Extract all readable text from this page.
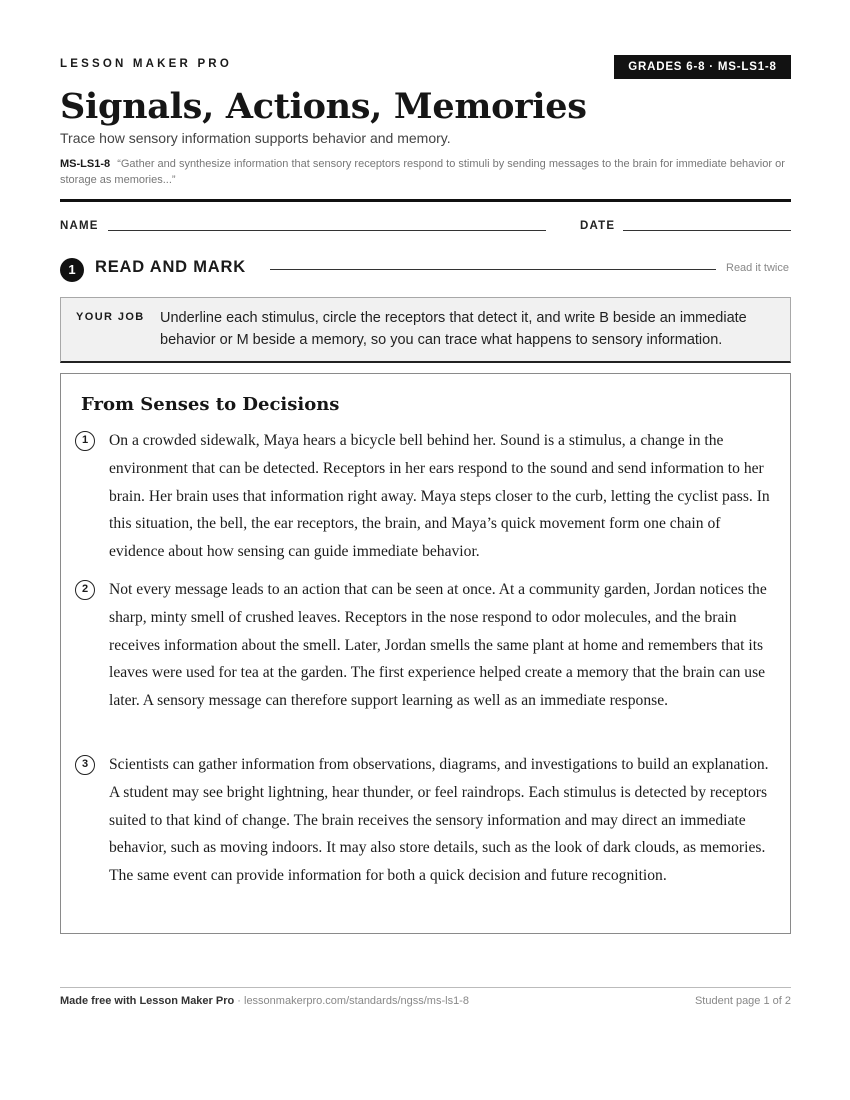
LESSON MAKER PRO	GRADES 6-8 · MS-LS1-8
Signals, Actions, Memories
Trace how sensory information supports behavior and memory.
MS-LS1-8 “Gather and synthesize information that sensory receptors respond to stimuli by sending messages to the brain for immediate behavior or storage as memories...”
NAME	DATE
1	READ AND MARK	Read it twice
YOUR JOB Underline each stimulus, circle the receptors that detect it, and write B beside an immediate behavior or M beside a memory, so you can trace what happens to sensory information.
From Senses to Decisions
1	On a crowded sidewalk, Maya hears a bicycle bell behind her. Sound is a stimulus, a change in the environment that can be detected. Receptors in her ears respond to the sound and send information to her brain. Her brain uses that information right away. Maya steps closer to the curb, letting the cyclist pass. In this situation, the bell, the ear receptors, the brain, and Maya’s quick movement form one chain of evidence about how sensing can guide immediate behavior.

2	Not every message leads to an action that can be seen at once. At a community garden, Jordan notices the sharp, minty smell of crushed leaves. Receptors in the nose respond to odor molecules, and the brain receives information about the smell. Later, Jordan smells the same plant at home and remembers that its leaves were used for tea at the garden. The first experience helped create a memory that the brain can use later. A sensory message can therefore support learning as well as an immediate response.

3	Scientists can gather information from observations, diagrams, and investigations to build an explanation. A student may see bright lightning, hear thunder, or feel raindrops. Each stimulus is detected by receptors suited to that kind of change. The brain receives the sensory information and may direct an immediate behavior, such as moving indoors. It may also store details, such as the look of dark clouds, as memories. The same event can provide information for both a quick decision and future recognition.

Made free with Lesson Maker Pro · lessonmakerpro.com/standards/ngss/ms-ls1-8	Student page 1 of 2
